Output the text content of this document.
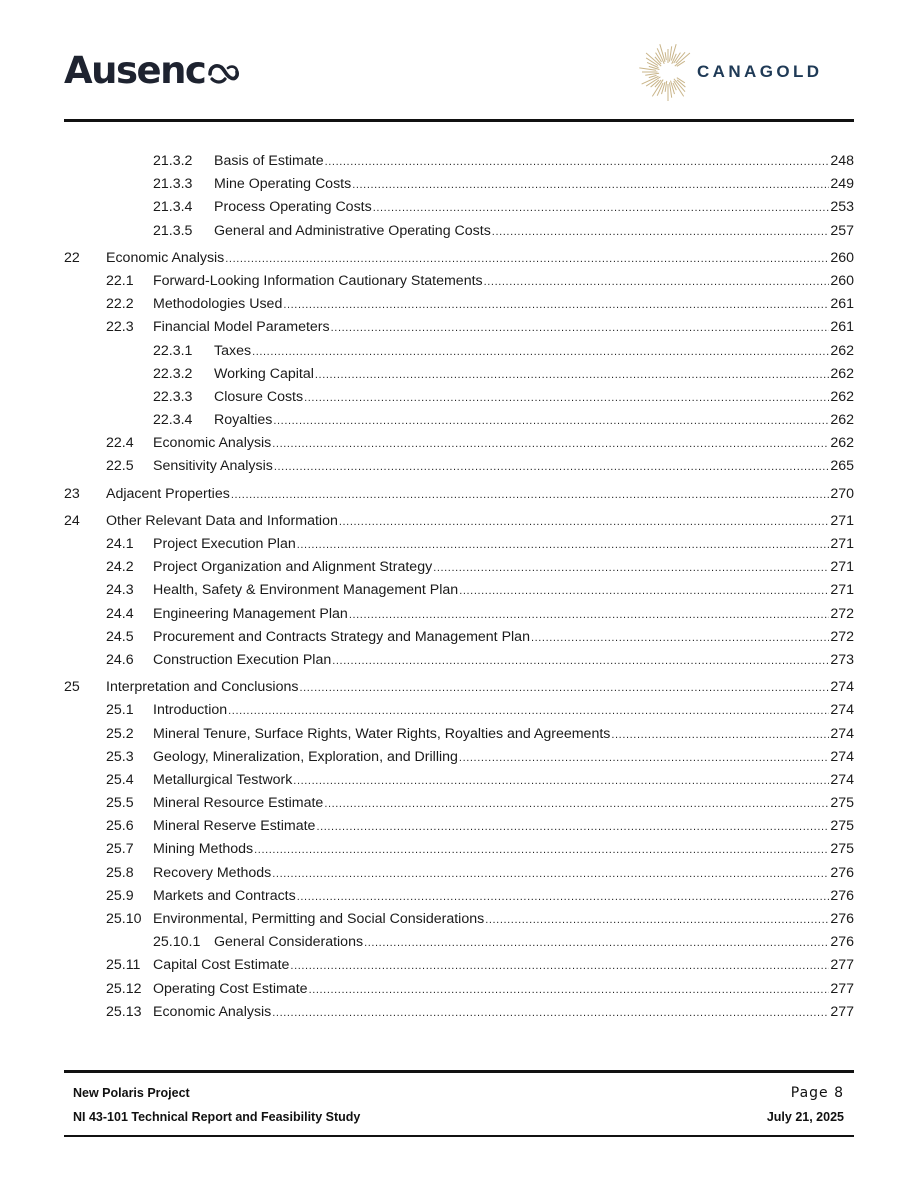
Ausenc	CANAGOLD
21.3.2	Basis of Estimate .....	248
21.3.3	Mine Operating Costs .....	249
21.3.4	Process Operating Costs .....	253
21.3.5	General and Administrative Operating Costs .....	257
22	Economic Analysis .....	260
22.1	Forward-Looking Information Cautionary Statements .....	260
22.2	Methodologies Used .....	261
22.3	Financial Model Parameters .....	261
22.3.1	Taxes .....	262
22.3.2	Working Capital .....	262
22.3.3	Closure Costs .....	262
22.3.4	Royalties .....	262
22.4	Economic Analysis .....	262
22.5	Sensitivity Analysis .....	265
23	Adjacent Properties .....	270
24	Other Relevant Data and Information .....	271
24.1	Project Execution Plan .....	271
24.2	Project Organization and Alignment Strategy .....	271
24.3	Health, Safety & Environment Management Plan .....	271
24.4	Engineering Management Plan .....	272
24.5	Procurement and Contracts Strategy and Management Plan .....	272
24.6	Construction Execution Plan .....	273
25	Interpretation and Conclusions .....	274
25.1	Introduction .....	274
25.2	Mineral Tenure, Surface Rights, Water Rights, Royalties and Agreements .....	274
25.3	Geology, Mineralization, Exploration, and Drilling .....	274
25.4	Metallurgical Testwork .....	274
25.5	Mineral Resource Estimate .....	275
25.6	Mineral Reserve Estimate .....	275
25.7	Mining Methods .....	275
25.8	Recovery Methods .....	276
25.9	Markets and Contracts .....	276
25.10 Environmental, Permitting and Social Considerations .....	276
25.10.1 General Considerations .....	276
25.11 Capital Cost Estimate .....	277
25.12 Operating Cost Estimate .....	277
25.13 Economic Analysis .....	277
New Polaris Project
NI 43-101 Technical Report and Feasibility Study
Page 8
July 21, 2025
